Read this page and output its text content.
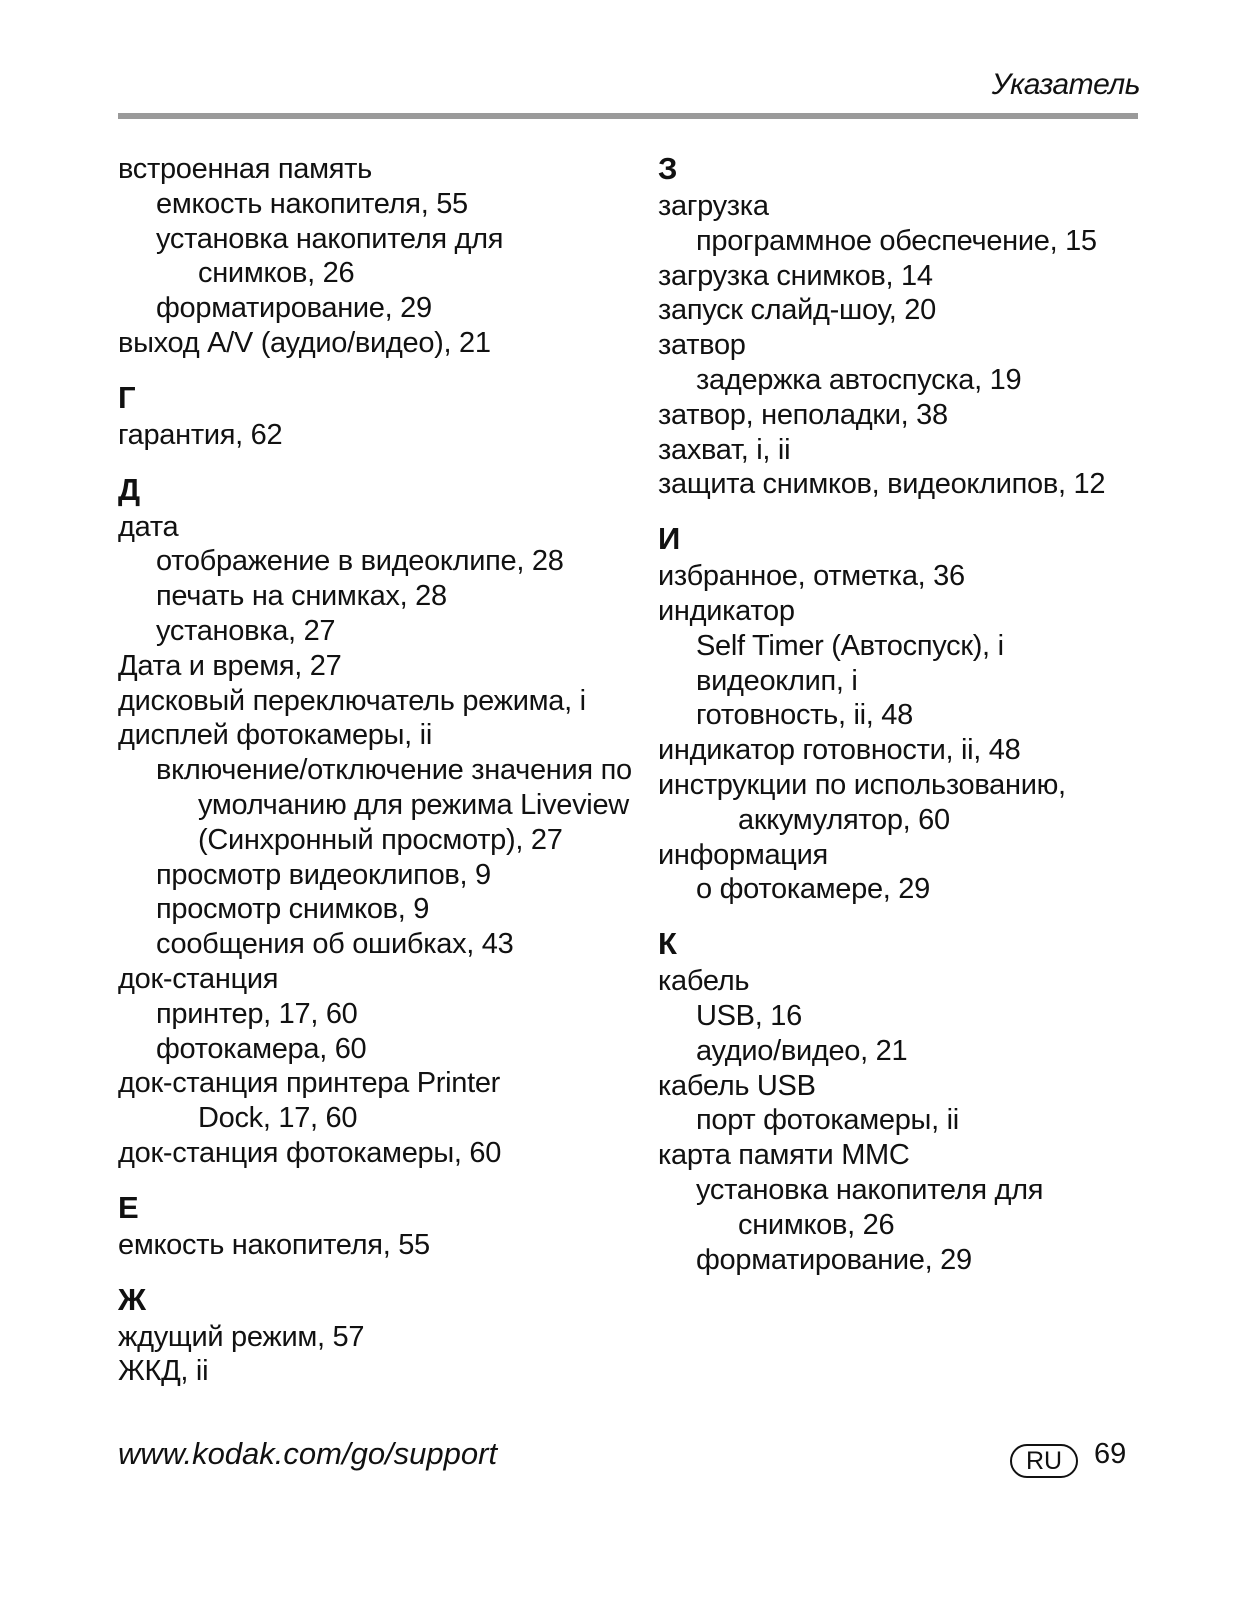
Указатель
встроенная память
емкость накопителя, 55
установка накопителя для
снимков, 26
форматирование, 29
выход A/V (аудио/видео), 21
Г
гарантия, 62
Д
дата
отображение в видеоклипе, 28
печать на снимках, 28
установка, 27
Дата и время, 27
дисковый переключатель режима, i
дисплей фотокамеры, ii
включение/отключение значения по
умолчанию для режима Liveview
(Синхронный просмотр), 27
просмотр видеоклипов, 9
просмотр снимков, 9
сообщения об ошибках, 43
док-станция
принтер, 17, 60
фотокамера, 60
док-станция принтера Printer
Dock, 17, 60
док-станция фотокамеры, 60
Е
емкость накопителя, 55
Ж
ждущий режим, 57
ЖКД, ii
З
загрузка
программное обеспечение, 15
загрузка снимков, 14
запуск слайд-шоу, 20
затвор
задержка автоспуска, 19
затвор, неполадки, 38
захват, i, ii
защита снимков, видеоклипов, 12
И
избранное, отметка, 36
индикатор
Self Timer (Автоспуск), i
видеоклип, i
готовность, ii, 48
индикатор готовности, ii, 48
инструкции по использованию,
аккумулятор, 60
информация
о фотокамере, 29
К
кабель
USB, 16
аудио/видео, 21
кабель USB
порт фотокамеры, ii
карта памяти MMC
установка накопителя для
снимков, 26
форматирование, 29
www.kodak.com/go/support	RU	69
